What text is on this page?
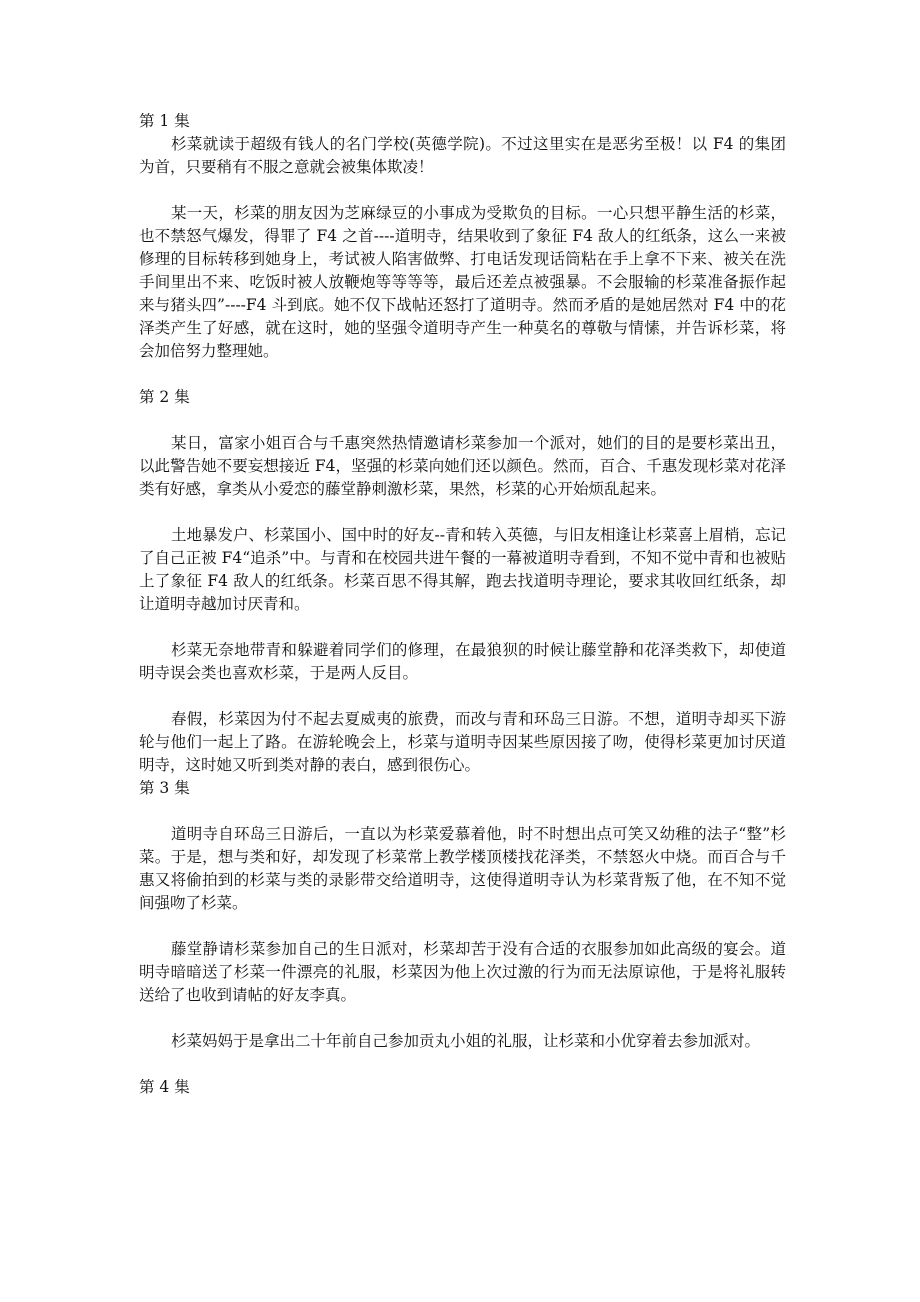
第 1 集

杉菜就读于超级有钱人的名门学校(英德学院)。不过这里实在是恶劣至极！以 F4 的集团为首，只要稍有不服之意就会被集体欺凌！

某一天，杉菜的朋友因为芝麻绿豆的小事成为受欺负的目标。一心只想平静生活的杉菜，也不禁怒气爆发，得罪了 F4 之首----道明寺，结果收到了象征 F4 敌人的红纸条，这么一来被修理的目标转移到她身上，考试被人陷害做弊、打电话发现话筒粘在手上拿不下来、被关在洗手间里出不来、吃饭时被人放鞭炮等等等等，最后还差点被强暴。不会服输的杉菜准备振作起来与猪头四”----F4 斗到底。她不仅下战帖还怒打了道明寺。然而矛盾的是她居然对 F4 中的花泽类产生了好感，就在这时，她的坚强令道明寺产生一种莫名的尊敬与情愫，并告诉杉菜，将会加倍努力整理她。

第 2 集

某日，富家小姐百合与千惠突然热情邀请杉菜参加一个派对，她们的目的是要杉菜出丑，以此警告她不要妄想接近 F4，坚强的杉菜向她们还以颜色。然而，百合、千惠发现杉菜对花泽类有好感，拿类从小爱恋的藤堂静刺激杉菜，果然，杉菜的心开始烦乱起来。

土地暴发户、杉菜国小、国中时的好友--青和转入英德，与旧友相逢让杉菜喜上眉梢，忘记了自己正被 F4“追杀”中。与青和在校园共进午餐的一幕被道明寺看到，不知不觉中青和也被贴上了象征 F4 敌人的红纸条。杉菜百思不得其解，跑去找道明寺理论，要求其收回红纸条，却让道明寺越加讨厌青和。

杉菜无奈地带青和躲避着同学们的修理，在最狼狈的时候让藤堂静和花泽类救下，却使道明寺误会类也喜欢杉菜，于是两人反目。

春假，杉菜因为付不起去夏威夷的旅费，而改与青和环岛三日游。不想，道明寺却买下游轮与他们一起上了路。在游轮晚会上，杉菜与道明寺因某些原因接了吻，使得杉菜更加讨厌道明寺，这时她又听到类对静的表白，感到很伤心。

第 3 集

道明寺自环岛三日游后，一直以为杉菜爱慕着他，时不时想出点可笑又幼稚的法子“整”杉菜。于是，想与类和好，却发现了杉菜常上教学楼顶楼找花泽类，不禁怒火中烧。而百合与千惠又将偷拍到的杉菜与类的录影带交给道明寺，这使得道明寺认为杉菜背叛了他，在不知不觉间强吻了杉菜。

藤堂静请杉菜参加自己的生日派对，杉菜却苦于没有合适的衣服参加如此高级的宴会。道明寺暗暗送了杉菜一件漂亮的礼服，杉菜因为他上次过激的行为而无法原谅他，于是将礼服转送给了也收到请帖的好友李真。

杉菜妈妈于是拿出二十年前自己参加贡丸小姐的礼服，让杉菜和小优穿着去参加派对。

第 4 集
